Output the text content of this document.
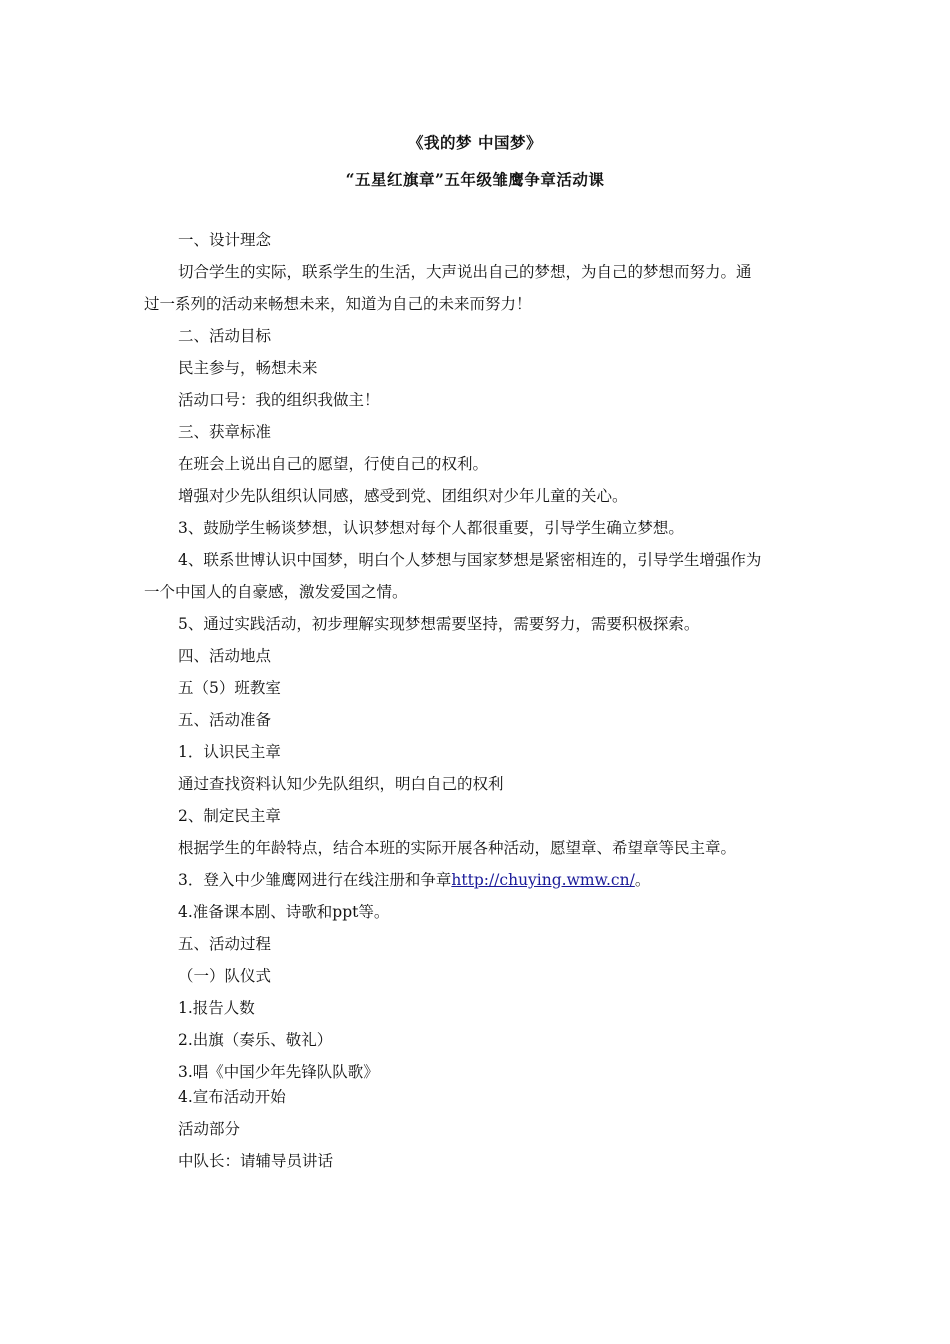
《我的梦 中国梦》
“五星红旗章”五年级雏鹰争章活动课
一、设计理念
切合学生的实际，联系学生的生活，大声说出自己的梦想，为自己的梦想而努力。通
过一系列的活动来畅想未来，知道为自己的未来而努力！
二、活动目标
民主参与，畅想未来
活动口号：我的组织我做主！
三、获章标准
在班会上说出自己的愿望，行使自己的权利。
增强对少先队组织认同感，感受到党、团组织对少年儿童的关心。
3、鼓励学生畅谈梦想，认识梦想对每个人都很重要，引导学生确立梦想。
4、联系世博认识中国梦，明白个人梦想与国家梦想是紧密相连的，引导学生增强作为
一个中国人的自豪感，激发爱国之情。
5、通过实践活动，初步理解实现梦想需要坚持，需要努力，需要积极探索。
四、活动地点
五（5）班教室
五、活动准备
1．认识民主章
通过查找资料认知少先队组织，明白自己的权利
2、制定民主章
根据学生的年龄特点，结合本班的实际开展各种活动，愿望章、希望章等民主章。
3．登入中少雏鹰网进行在线注册和争章http://chuying.wmw.cn/。
4.准备课本剧、诗歌和ppt等。
五、活动过程
（一）队仪式
1.报告人数
2.出旗（奏乐、敬礼）
3.唱《中国少年先锋队队歌》
4.宣布活动开始
活动部分
中队长：请辅导员讲话
